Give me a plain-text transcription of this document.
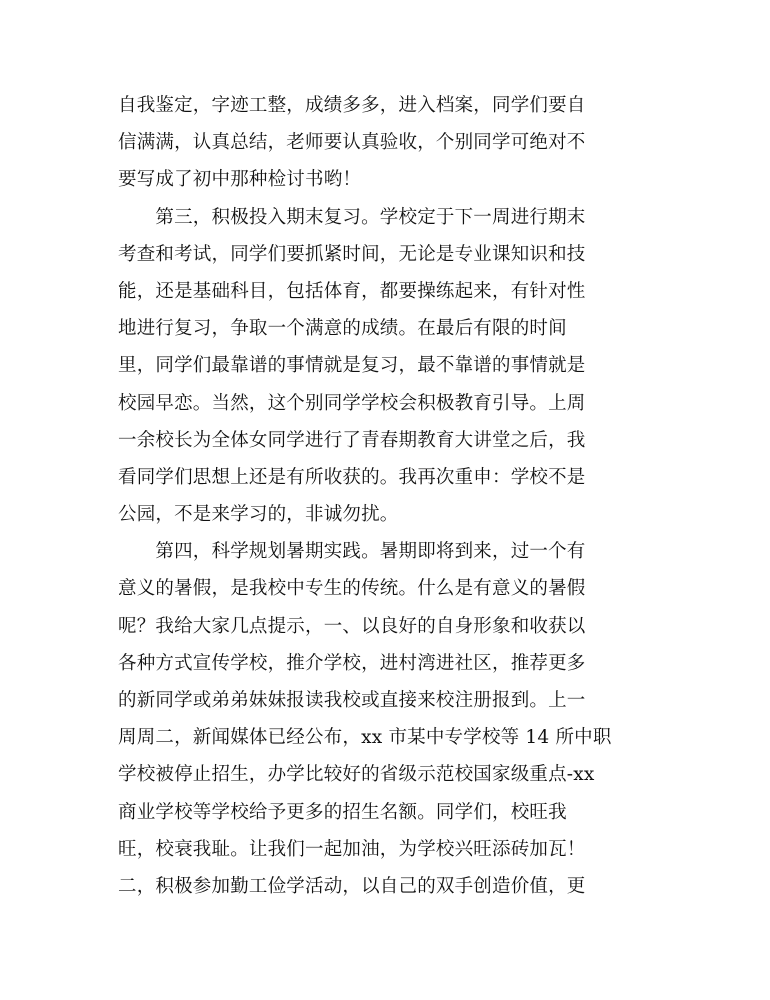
自我鉴定，字迹工整，成绩多多，进入档案，同学们要自
信满满，认真总结，老师要认真验收，个别同学可绝对不
要写成了初中那种检讨书哟！
　　第三，积极投入期末复习。学校定于下一周进行期末
考查和考试，同学们要抓紧时间，无论是专业课知识和技
能，还是基础科目，包括体育，都要操练起来，有针对性
地进行复习，争取一个满意的成绩。在最后有限的时间
里，同学们最靠谱的事情就是复习，最不靠谱的事情就是
校园早恋。当然，这个别同学学校会积极教育引导。上周
一余校长为全体女同学进行了青春期教育大讲堂之后，我
看同学们思想上还是有所收获的。我再次重申：学校不是
公园，不是来学习的，非诚勿扰。
　　第四，科学规划暑期实践。暑期即将到来，过一个有
意义的暑假，是我校中专生的传统。什么是有意义的暑假
呢？我给大家几点提示，一、以良好的自身形象和收获以
各种方式宣传学校，推介学校，进村湾进社区，推荐更多
的新同学或弟弟妹妹报读我校或直接来校注册报到。上一
周周二，新闻媒体已经公布，xx 市某中专学校等 14 所中职
学校被停止招生，办学比较好的省级示范校国家级重点-xx
商业学校等学校给予更多的招生名额。同学们，校旺我
旺，校衰我耻。让我们一起加油，为学校兴旺添砖加瓦！
二，积极参加勤工俭学活动，以自己的双手创造价值，更
